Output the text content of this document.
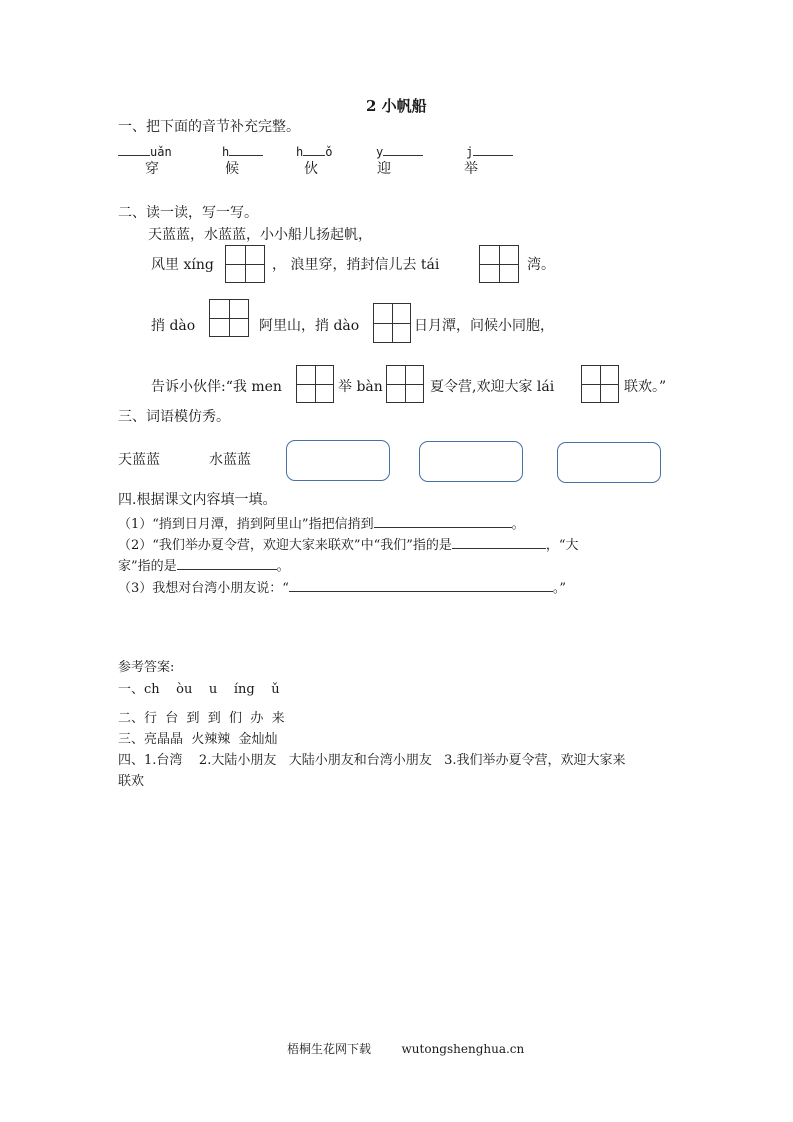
2 小帆船
一、把下面的音节补充完整。
uǎn	h	h ǒ	y	j
穿	候	伙	迎	举
二、读一读，写一写。
天蓝蓝，水蓝蓝，小小船儿扬起帆，
风里 xíng	， 浪里穿，捎封信儿去 tái	湾。
捎 dào	阿里山，捎 dào	日月潭，问候小同胞，
告诉小伙伴:“我 men	举 bàn	夏令营,欢迎大家 lái	联欢。”
三、词语模仿秀。
天蓝蓝	水蓝蓝
四.根据课文内容填一填。
（1）“捎到日月潭，捎到阿里山”指把信捎到	。
（2）“我们举办夏令营，欢迎大家来联欢”中“我们”指的是	，“大
家”指的是	。
（3）我想对台湾小朋友说：“	。”
参考答案:
一、ch    òu    u    íng    ǔ
二、行  台  到  到  们  办  来
三、亮晶晶  火辣辣  金灿灿
四、1.台湾    2.大陆小朋友   大陆小朋友和台湾小朋友   3.我们举办夏令营，欢迎大家来
联欢
梧桐生花网下载        wutongshenghua.cn
